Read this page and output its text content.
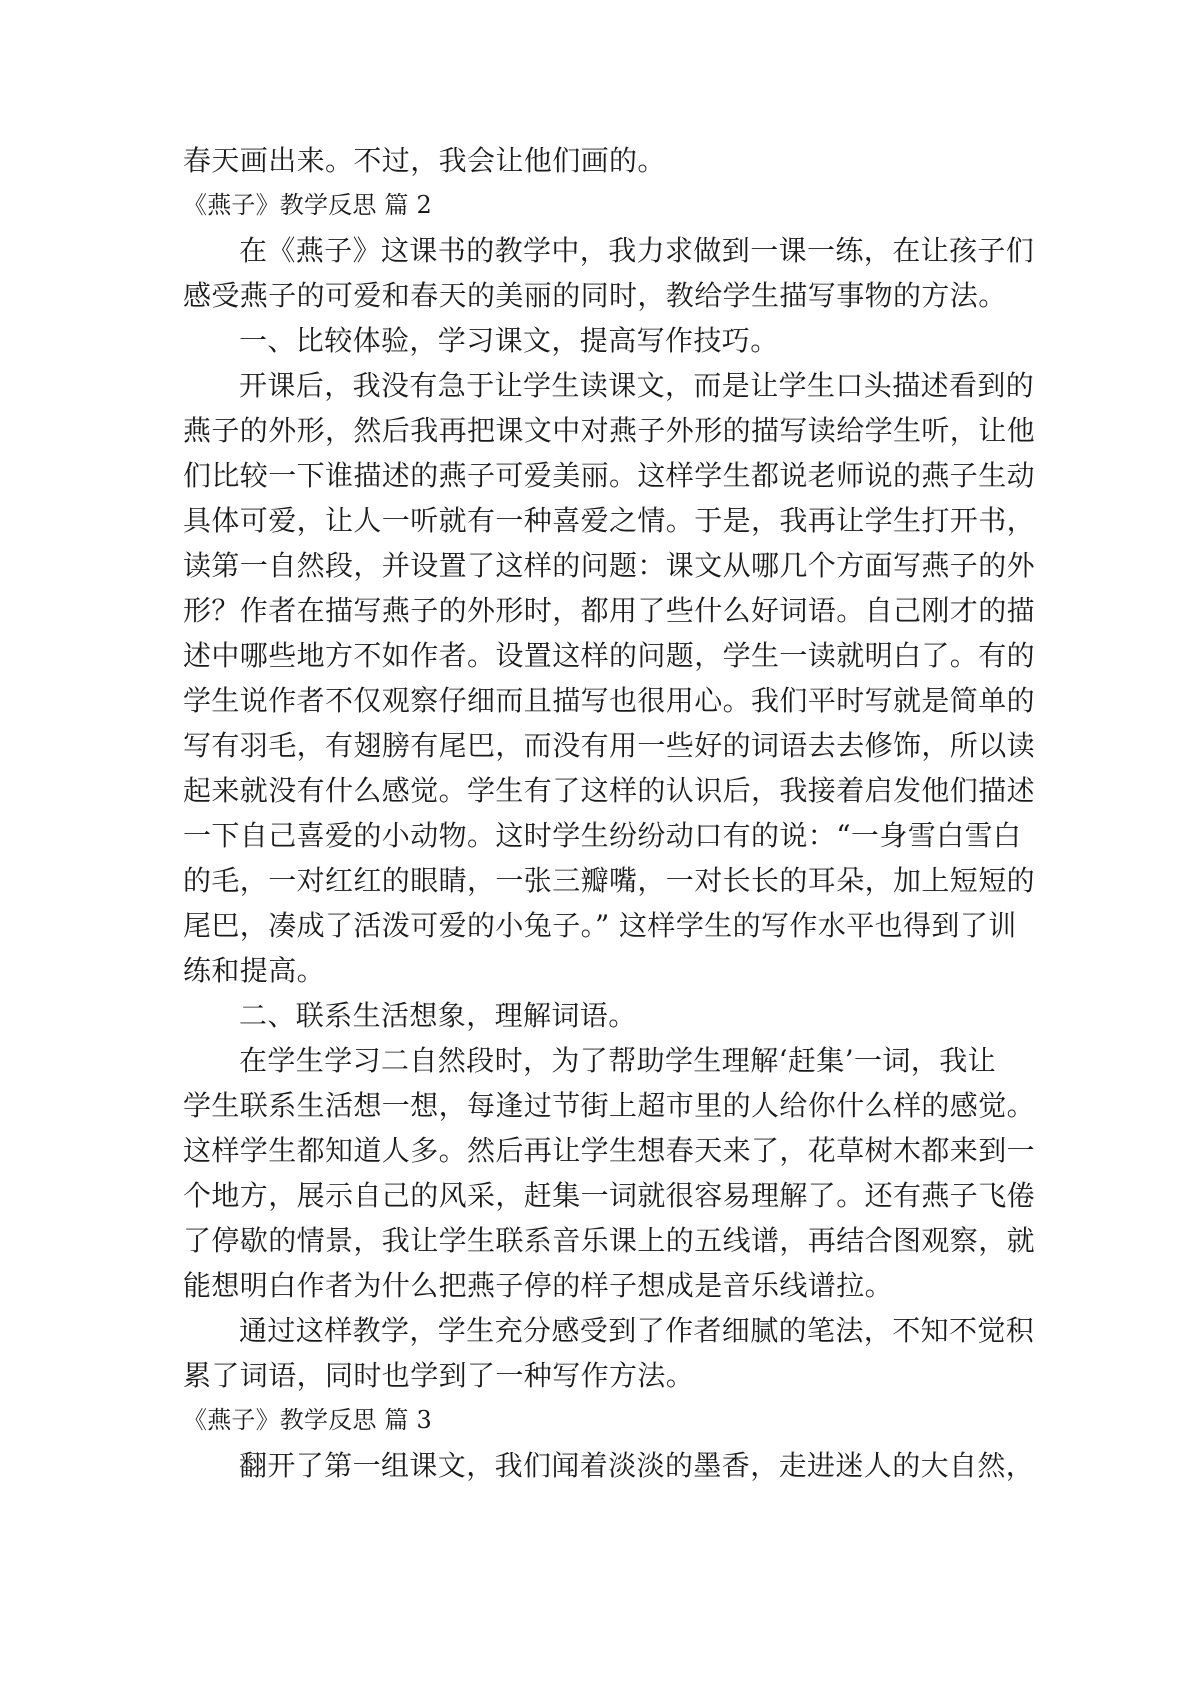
春天画出来。不过，我会让他们画的。
《燕子》教学反思 篇 2
在《燕子》这课书的教学中，我力求做到一课一练，在让孩子们
感受燕子的可爱和春天的美丽的同时，教给学生描写事物的方法。
一、比较体验，学习课文，提高写作技巧。
开课后，我没有急于让学生读课文，而是让学生口头描述看到的
燕子的外形，然后我再把课文中对燕子外形的描写读给学生听，让他
们比较一下谁描述的燕子可爱美丽。这样学生都说老师说的燕子生动
具体可爱，让人一听就有一种喜爱之情。于是，我再让学生打开书，
读第一自然段，并设置了这样的问题：课文从哪几个方面写燕子的外
形？作者在描写燕子的外形时，都用了些什么好词语。自己刚才的描
述中哪些地方不如作者。设置这样的问题，学生一读就明白了。有的
学生说作者不仅观察仔细而且描写也很用心。我们平时写就是简单的
写有羽毛，有翅膀有尾巴，而没有用一些好的词语去去修饰，所以读
起来就没有什么感觉。学生有了这样的认识后，我接着启发他们描述
一下自己喜爱的小动物。这时学生纷纷动口有的说：“一身雪白雪白
的毛，一对红红的眼睛，一张三瓣嘴，一对长长的耳朵，加上短短的
尾巴，凑成了活泼可爱的小兔子。” 这样学生的写作水平也得到了训
练和提高。
二、联系生活想象，理解词语。
在学生学习二自然段时，为了帮助学生理解‘赶集’一词，我让
学生联系生活想一想，每逢过节街上超市里的人给你什么样的感觉。
这样学生都知道人多。然后再让学生想春天来了，花草树木都来到一
个地方，展示自己的风采，赶集一词就很容易理解了。还有燕子飞倦
了停歇的情景，我让学生联系音乐课上的五线谱，再结合图观察，就
能想明白作者为什么把燕子停的样子想成是音乐线谱拉。
通过这样教学，学生充分感受到了作者细腻的笔法，不知不觉积
累了词语，同时也学到了一种写作方法。
《燕子》教学反思 篇 3
翻开了第一组课文，我们闻着淡淡的墨香，走进迷人的大自然，
